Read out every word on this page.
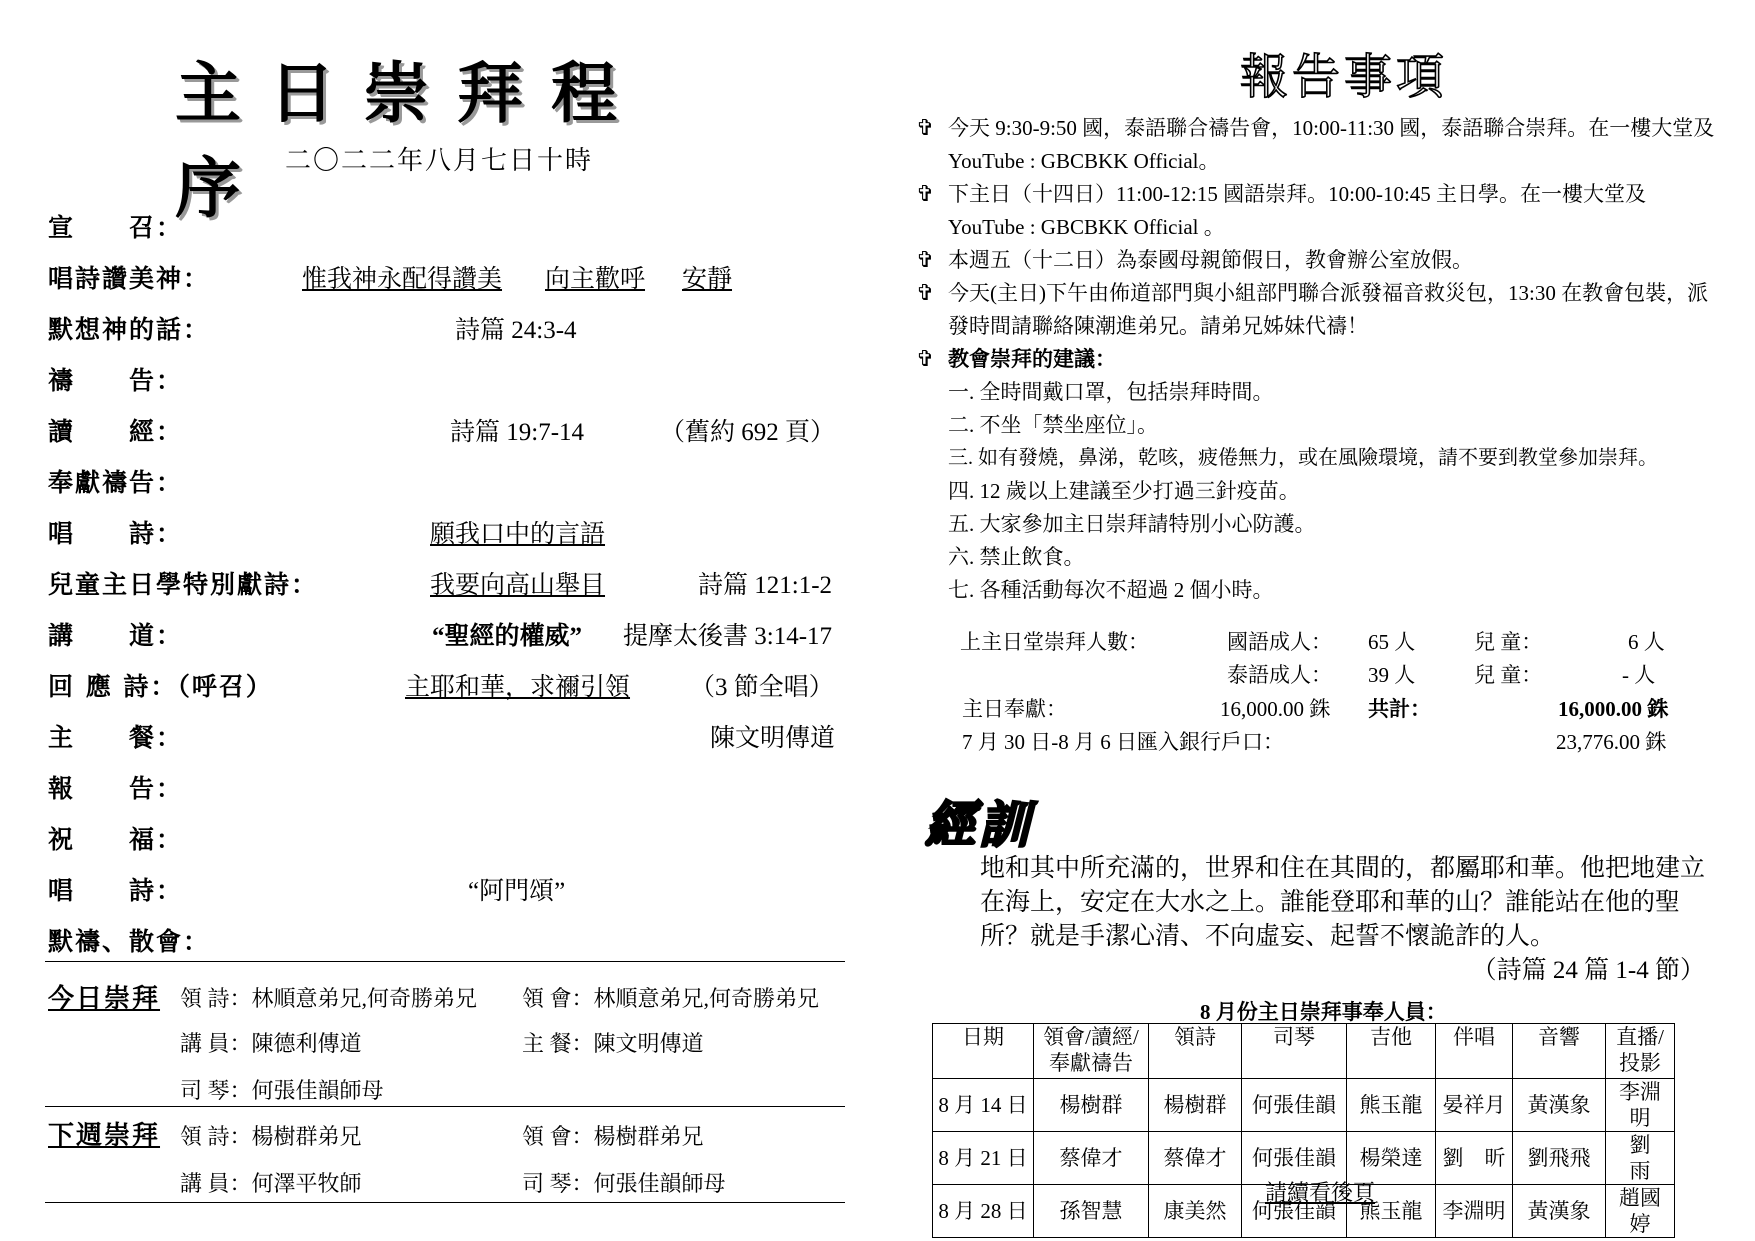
主日崇拜程序 二〇二二年八月七日十時
宣　　召：
唱詩讚美神：	惟我神永配得讚美 向主歡呼 安靜
默想神的話：	詩篇 24:3-4
禱　　告：
讀　　經：	詩篇 19:7-14	（舊約 692 頁）
奉獻禱告：
唱　　詩：	願我口中的言語
兒童主日學特別獻詩：	我要向高山舉目	詩篇 121:1-2
講　　道：	“聖經的權威” 提摩太後書 3:14-17
回 應 詩：（呼召）	主耶和華，求禰引領 （3 節全唱）
主　　餐：	陳文明傳道
報　　告：
祝　　福：
唱　　詩：	“阿門頌”
默禱、散會：
今日崇拜 領 詩：林順意弟兄,何奇勝弟兄 領 會：林順意弟兄,何奇勝弟兄
講 員：陳德利傳道	主 餐：陳文明傳道
司 琴：何張佳韻師母
下週崇拜 領 詩：楊樹群弟兄	領 會：楊樹群弟兄
講 員：何澤平牧師	司 琴：何張佳韻師母
報告事項
✞ 今天 9:30-9:50 國，泰語聯合禱告會，10:00-11:30 國，泰語聯合崇拜。在一樓大堂及 YouTube : GBCBKK Official。
✞ 下主日（十四日）11:00-12:15 國語崇拜。10:00-10:45 主日學。在一樓大堂及 YouTube : GBCBKK Official 。
✞ 本週五（十二日）為泰國母親節假日，教會辦公室放假。
✞ 今天(主日)下午由佈道部門與小組部門聯合派發福音救災包，13:30 在教會包裝，派發時間請聯絡陳潮進弟兄。請弟兄姊妹代禱！
✞ 教會崇拜的建議：
一. 全時間戴口罩，包括崇拜時間。
二. 不坐「禁坐座位」。
三. 如有發燒，鼻涕，乾咳，疲倦無力，或在風險環境，請不要到教堂參加崇拜。
四. 12 歲以上建議至少打過三針疫苗。
五. 大家參加主日崇拜請特別小心防護。
六. 禁止飲食。
七. 各種活動每次不超過 2 個小時。
上主日堂崇拜人數：	國語成人： 65 人	兒 童：	6 人
泰語成人： 39 人	兒 童：	- 人
主日奉獻：	16,000.00 銖 共計：	16,000.00 銖
7 月 30 日-8 月 6 日匯入銀行戶口：	23,776.00 銖
經訓
地和其中所充滿的，世界和住在其間的，都屬耶和華。他把地建立在海上，安定在大水之上。誰能登耶和華的山？誰能站在他的聖所？就是手潔心清、不向虛妄、起誓不懷詭詐的人。
（詩篇 24 篇 1-4 節）
8 月份主日崇拜事奉人員：
日期	領會/讀經/奉獻禱告	領詩	司琴	吉他	伴唱	音響	直播/投影
8 月 14 日	楊樹群	楊樹群	何張佳韻	熊玉龍	晏祥月	黃漢象	李淵明
8 月 21 日	蔡偉才	蔡偉才	何張佳韻	楊榮達	劉　昕	劉飛飛	劉　雨
8 月 28 日	孫智慧	康美然	何張佳韻	熊玉龍	李淵明	黃漢象	趙國婷
請續看後頁
